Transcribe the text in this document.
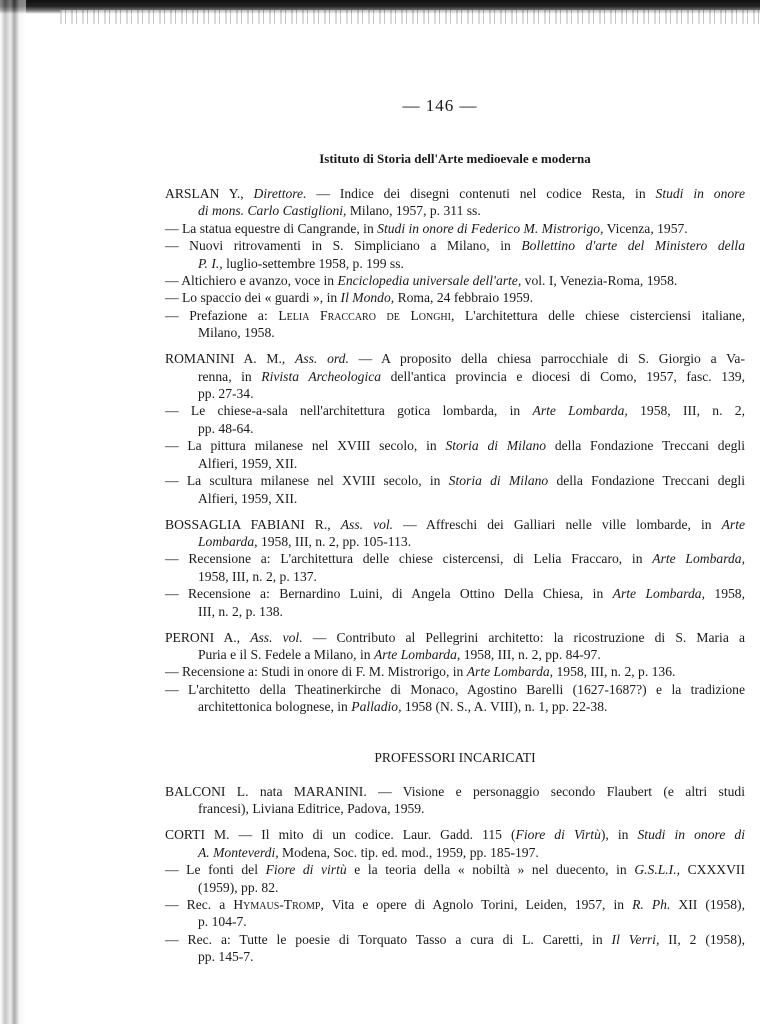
— 146 —
Istituto di Storia dell'Arte medioevale e moderna
ARSLAN Y., Direttore. — Indice dei disegni contenuti nel codice Resta, in Studi in onore
di mons. Carlo Castiglioni, Milano, 1957, p. 311 ss.
— La statua equestre di Cangrande, in Studi in onore di Federico M. Mistrorigo, Vicenza, 1957.
— Nuovi ritrovamenti in S. Simpliciano a Milano, in Bollettino d'arte del Ministero della
P. I., luglio-settembre 1958, p. 199 ss.
— Altichiero e avanzo, voce in Enciclopedia universale dell'arte, vol. I, Venezia-Roma, 1958.
— Lo spaccio dei « guardi », in Il Mondo, Roma, 24 febbraio 1959.
— Prefazione a: Lelia Fraccaro de Longhi, L'architettura delle chiese cisterciensi italiane,
Milano, 1958.
ROMANINI A. M., Ass. ord. — A proposito della chiesa parrocchiale di S. Giorgio a Va-
renna, in Rivista Archeologica dell'antica provincia e diocesi di Como, 1957, fasc. 139,
pp. 27-34.
— Le chiese-a-sala nell'architettura gotica lombarda, in Arte Lombarda, 1958, III, n. 2,
pp. 48-64.
— La pittura milanese nel XVIII secolo, in Storia di Milano della Fondazione Treccani degli
Alfieri, 1959, XII.
— La scultura milanese nel XVIII secolo, in Storia di Milano della Fondazione Treccani degli
Alfieri, 1959, XII.
BOSSAGLIA FABIANI R., Ass. vol. — Affreschi dei Galliari nelle ville lombarde, in Arte
Lombarda, 1958, III, n. 2, pp. 105-113.
— Recensione a: L'architettura delle chiese cistercensi, di Lelia Fraccaro, in Arte Lombarda,
1958, III, n. 2, p. 137.
— Recensione a: Bernardino Luini, di Angela Ottino Della Chiesa, in Arte Lombarda, 1958,
III, n. 2, p. 138.
PERONI A., Ass. vol. — Contributo al Pellegrini architetto: la ricostruzione di S. Maria a
Puria e il S. Fedele a Milano, in Arte Lombarda, 1958, III, n. 2, pp. 84-97.
— Recensione a: Studi in onore di F. M. Mistrorigo, in Arte Lombarda, 1958, III, n. 2, p. 136.
— L'architetto della Theatinerkirche di Monaco, Agostino Barelli (1627-1687?) e la tradizione
architettonica bolognese, in Palladio, 1958 (N. S., A. VIII), n. 1, pp. 22-38.
PROFESSORI INCARICATI
BALCONI L. nata MARANINI. — Visione e personaggio secondo Flaubert (e altri studi
francesi), Liviana Editrice, Padova, 1959.
CORTI M. — Il mito di un codice. Laur. Gadd. 115 (Fiore di Virtù), in Studi in onore di
A. Monteverdi, Modena, Soc. tip. ed. mod., 1959, pp. 185-197.
— Le fonti del Fiore di virtù e la teoria della « nobiltà » nel duecento, in G.S.L.I., CXXXVII
(1959), pp. 82.
— Rec. a Hymaus-Tromp, Vita e opere di Agnolo Torini, Leiden, 1957, in R. Ph. XII (1958),
p. 104-7.
— Rec. a: Tutte le poesie di Torquato Tasso a cura di L. Caretti, in Il Verri, II, 2 (1958),
pp. 145-7.
